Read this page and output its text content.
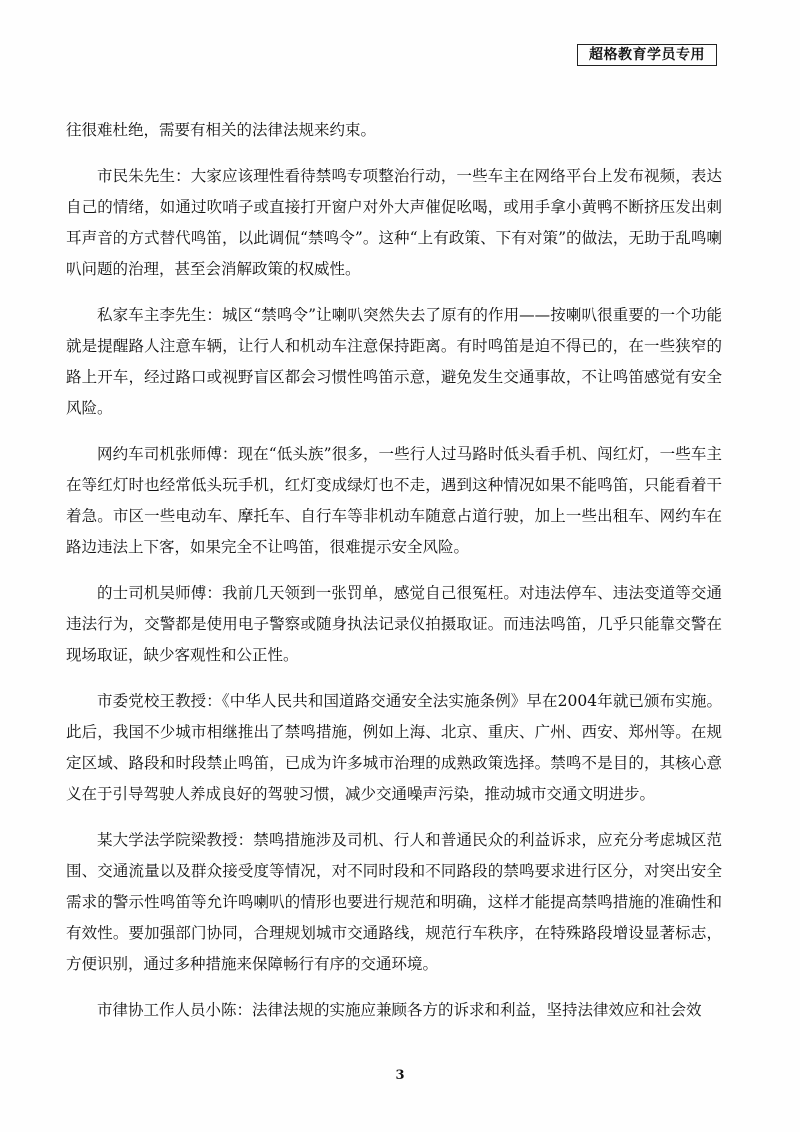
超格教育学员专用

往很难杜绝，需要有相关的法律法规来约束。

市民朱先生：大家应该理性看待禁鸣专项整治行动，一些车主在网络平台上发布视频，表达自己的情绪，如通过吹哨子或直接打开窗户对外大声催促吆喝，或用手拿小黄鸭不断挤压发出刺耳声音的方式替代鸣笛，以此调侃“禁鸣令”。这种“上有政策、下有对策”的做法，无助于乱鸣喇叭问题的治理，甚至会消解政策的权威性。

私家车主李先生：城区“禁鸣令”让喇叭突然失去了原有的作用——按喇叭很重要的一个功能就是提醒路人注意车辆，让行人和机动车注意保持距离。有时鸣笛是迫不得已的，在一些狭窄的路上开车，经过路口或视野盲区都会习惯性鸣笛示意，避免发生交通事故，不让鸣笛感觉有安全风险。

网约车司机张师傅：现在“低头族”很多，一些行人过马路时低头看手机、闯红灯，一些车主在等红灯时也经常低头玩手机，红灯变成绿灯也不走，遇到这种情况如果不能鸣笛，只能看着干着急。市区一些电动车、摩托车、自行车等非机动车随意占道行驶，加上一些出租车、网约车在路边违法上下客，如果完全不让鸣笛，很难提示安全风险。

的士司机吴师傅：我前几天领到一张罚单，感觉自己很冤枉。对违法停车、违法变道等交通违法行为，交警都是使用电子警察或随身执法记录仪拍摄取证。而违法鸣笛，几乎只能靠交警在现场取证，缺少客观性和公正性。

市委党校王教授：《中华人民共和国道路交通安全法实施条例》早在2004年就已颁布实施。此后，我国不少城市相继推出了禁鸣措施，例如上海、北京、重庆、广州、西安、郑州等。在规定区域、路段和时段禁止鸣笛，已成为许多城市治理的成熟政策选择。禁鸣不是目的，其核心意义在于引导驾驶人养成良好的驾驶习惯，减少交通噪声污染，推动城市交通文明进步。

某大学法学院梁教授：禁鸣措施涉及司机、行人和普通民众的利益诉求，应充分考虑城区范围、交通流量以及群众接受度等情况，对不同时段和不同路段的禁鸣要求进行区分，对突出安全需求的警示性鸣笛等允许鸣喇叭的情形也要进行规范和明确，这样才能提高禁鸣措施的准确性和有效性。要加强部门协同，合理规划城市交通路线，规范行车秩序，在特殊路段增设显著标志，方便识别，通过多种措施来保障畅行有序的交通环境。

市律协工作人员小陈：法律法规的实施应兼顾各方的诉求和利益，坚持法律效应和社会效

3
